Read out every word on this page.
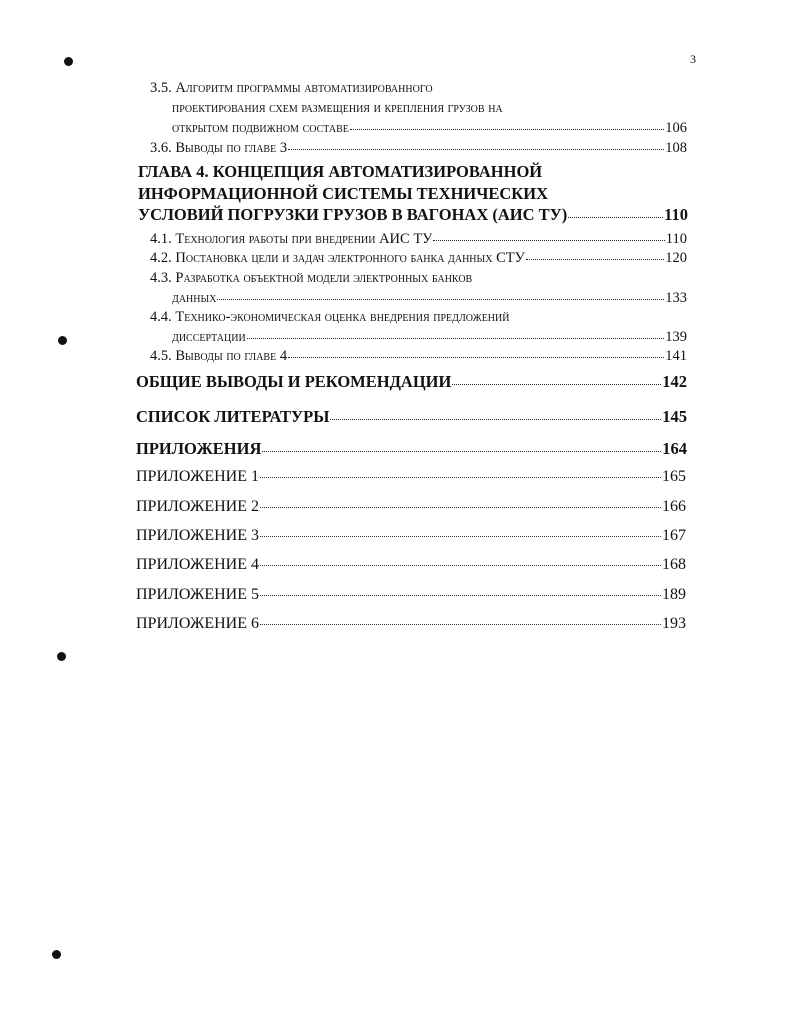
3
3.5. Алгоритм программы автоматизированного
проектирования схем размещения и крепления грузов на
открытом подвижном составе	106
3.6. Выводы по главе 3	108
ГЛАВА 4. КОНЦЕПЦИЯ АВТОМАТИЗИРОВАННОЙ
ИНФОРМАЦИОННОЙ СИСТЕМЫ ТЕХНИЧЕСКИХ
УСЛОВИЙ ПОГРУЗКИ ГРУЗОВ В ВАГОНАХ (АИС ТУ)	110
4.1. Технология работы при внедрении АИС ТУ	110
4.2. Постановка цели и задач электронного банка данных СТУ	120
4.3. Разработка объектной модели электронных банков
данных	133
4.4. Технико-экономическая оценка внедрения предложений
диссертации	139
4.5. Выводы по главе 4	141
ОБЩИЕ ВЫВОДЫ И РЕКОМЕНДАЦИИ	142
СПИСОК ЛИТЕРАТУРЫ	145
ПРИЛОЖЕНИЯ	164
ПРИЛОЖЕНИЕ 1	165
ПРИЛОЖЕНИЕ 2	166
ПРИЛОЖЕНИЕ 3	167
ПРИЛОЖЕНИЕ 4	168
ПРИЛОЖЕНИЕ 5	189
ПРИЛОЖЕНИЕ 6	193
